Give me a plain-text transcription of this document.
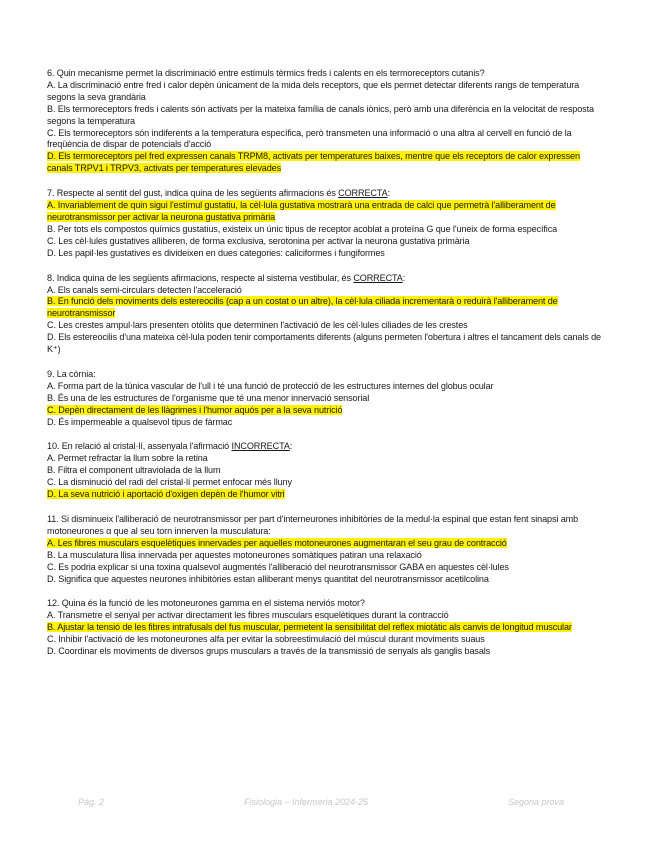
6. Quin mecanisme permet la discriminació entre estímuls tèrmics freds i calents en els termoreceptors cutanis?

A. La discriminació entre fred i calor depèn únicament de la mida dels receptors, que els permet detectar diferents rangs de temperatura segons la seva grandària

B. Els termoreceptors freds i calents són activats per la mateixa família de canals iònics, però amb una diferència en la velocitat de resposta segons la temperatura

C. Els termoreceptors són indiferents a la temperatura específica, però transmeten una informació o una altra al cervell en funció de la freqüència de dispar de potencials d'acció

D. Els termoreceptors pel fred expressen canals TRPM8, activats per temperatures baixes, mentre que els receptors de calor expressen canals TRPV1 i TRPV3, activats per temperatures elevades

7. Respecte al sentit del gust, indica quina de les següents afirmacions és CORRECTA:

A. Invariablement de quin sigui l'estímul gustatiu, la cèl·lula gustativa mostrarà una entrada de calci que permetrà l'alliberament de neurotransmissor per activar la neurona gustativa primària

B. Per tots els compostos químics gustatius, existeix un únic tipus de receptor acoblat a proteïna G que l'uneix de forma específica

C. Les cèl·lules gustatives alliberen, de forma exclusiva, serotonina per activar la neurona gustativa primària

D. Les papil·les gustatives es divideixen en dues categories: caliciformes i fungiformes

8. Indica quina de les següents afirmacions, respecte al sistema vestibular, és CORRECTA:

A. Els canals semi-circulars detecten l'acceleració

B. En funció dels moviments dels estereocilis (cap a un costat o un altre), la cèl·lula ciliada incrementarà o reduirà l'alliberament de neurotransmissor

C. Les crestes ampul·lars presenten otòlits que determinen l'activació de les cèl·lules ciliades de les crestes

D. Els estereocilis d'una mateixa cèl·lula poden tenir comportaments diferents (alguns permeten l'obertura i altres el tancament dels canals de K⁺)

9. La còrnia:

A. Forma part de la túnica vascular de l'ull i té una funció de protecció de les estructures internes del globus ocular

B. És una de les estructures de l'organisme que té una menor innervació sensorial

C. Depèn directament de les llàgrimes i l'humor aquós per a la seva nutrició

D. És impermeable a qualsevol tipus de fàrmac

10. En relació al cristal·lí, assenyala l'afirmació INCORRECTA:

A. Permet refractar la llum sobre la retina

B. Filtra el component ultraviolada de la llum

C. La disminució del radi del cristal·lí permet enfocar més lluny

D. La seva nutrició i aportació d'oxigen depèn de l'humor vitri

11. Si disminueix l'alliberació de neurotransmissor per part d'interneurones inhibitòries de la medul·la espinal que estan fent sinapsi amb motoneurones α que al seu torn innerven la musculatura:

A. Les fibres musculars esquelètiques innervades per aquelles motoneurones augmentaran el seu grau de contracció

B. La musculatura llisa innervada per aquestes motoneurones somàtiques patiran una relaxació

C. Es podria explicar si una toxina qualsevol augmentés l'alliberació del neurotransmissor GABA en aquestes cèl·lules

D. Significa que aquestes neurones inhibitòries estan alliberant menys quantitat del neurotransmissor acetilcolina

12. Quina és la funció de les motoneurones gamma en el sistema nerviós motor?

A. Transmetre el senyal per activar directament les fibres musculars esquelètiques durant la contracció

B. Ajustar la tensió de les fibres intrafusals del fus muscular, permetent la sensibilitat del reflex miotàtic als canvis de longitud muscular

C. Inhibir l'activació de les motoneurones alfa per evitar la sobreestimulació del múscul durant moviments suaus

D. Coordinar els moviments de diversos grups musculars a través de la transmissió de senyals als ganglis basals

Pàg. 2	Fisiologia – Infermeria 2024-25	Segona prova
